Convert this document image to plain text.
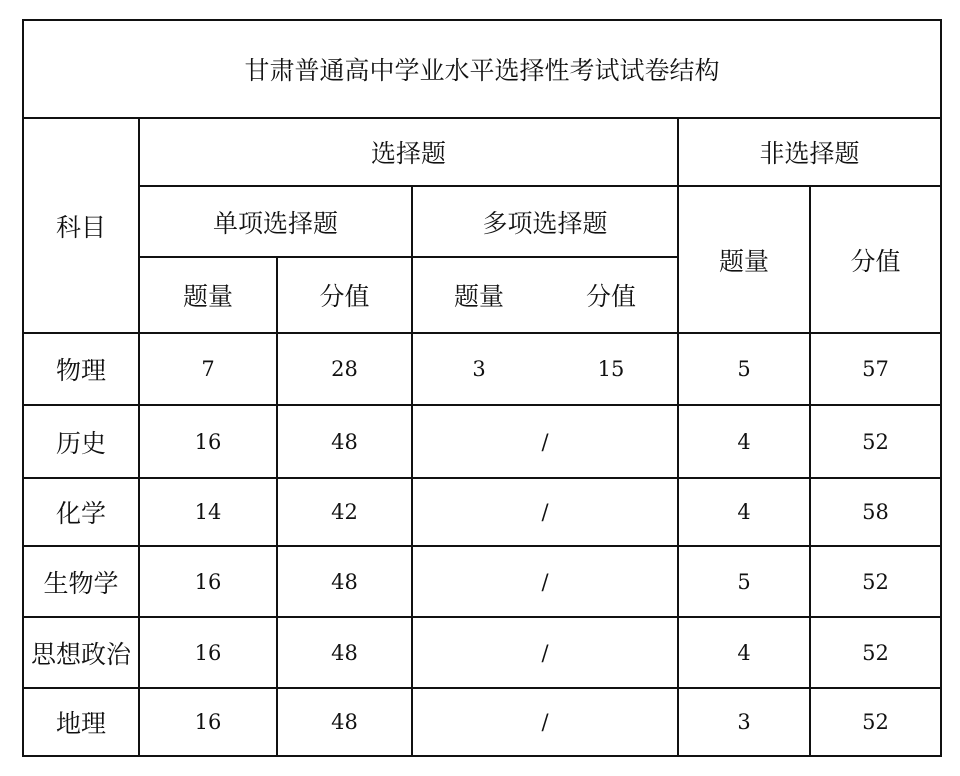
甘肃普通高中学业水平选择性考试试卷结构					
科目	选择题			非选择题	
	单项选择题		多项选择题	题量	分值
	题量	分值	题量 分值		

物理	7	28	3 15	5	57
历史	16	48	/	4	52
化学	14	42	/	4	58
生物学	16	48	/	5	52
思想政治	16	48	/	4	52
地理	16	48	/	3	52
